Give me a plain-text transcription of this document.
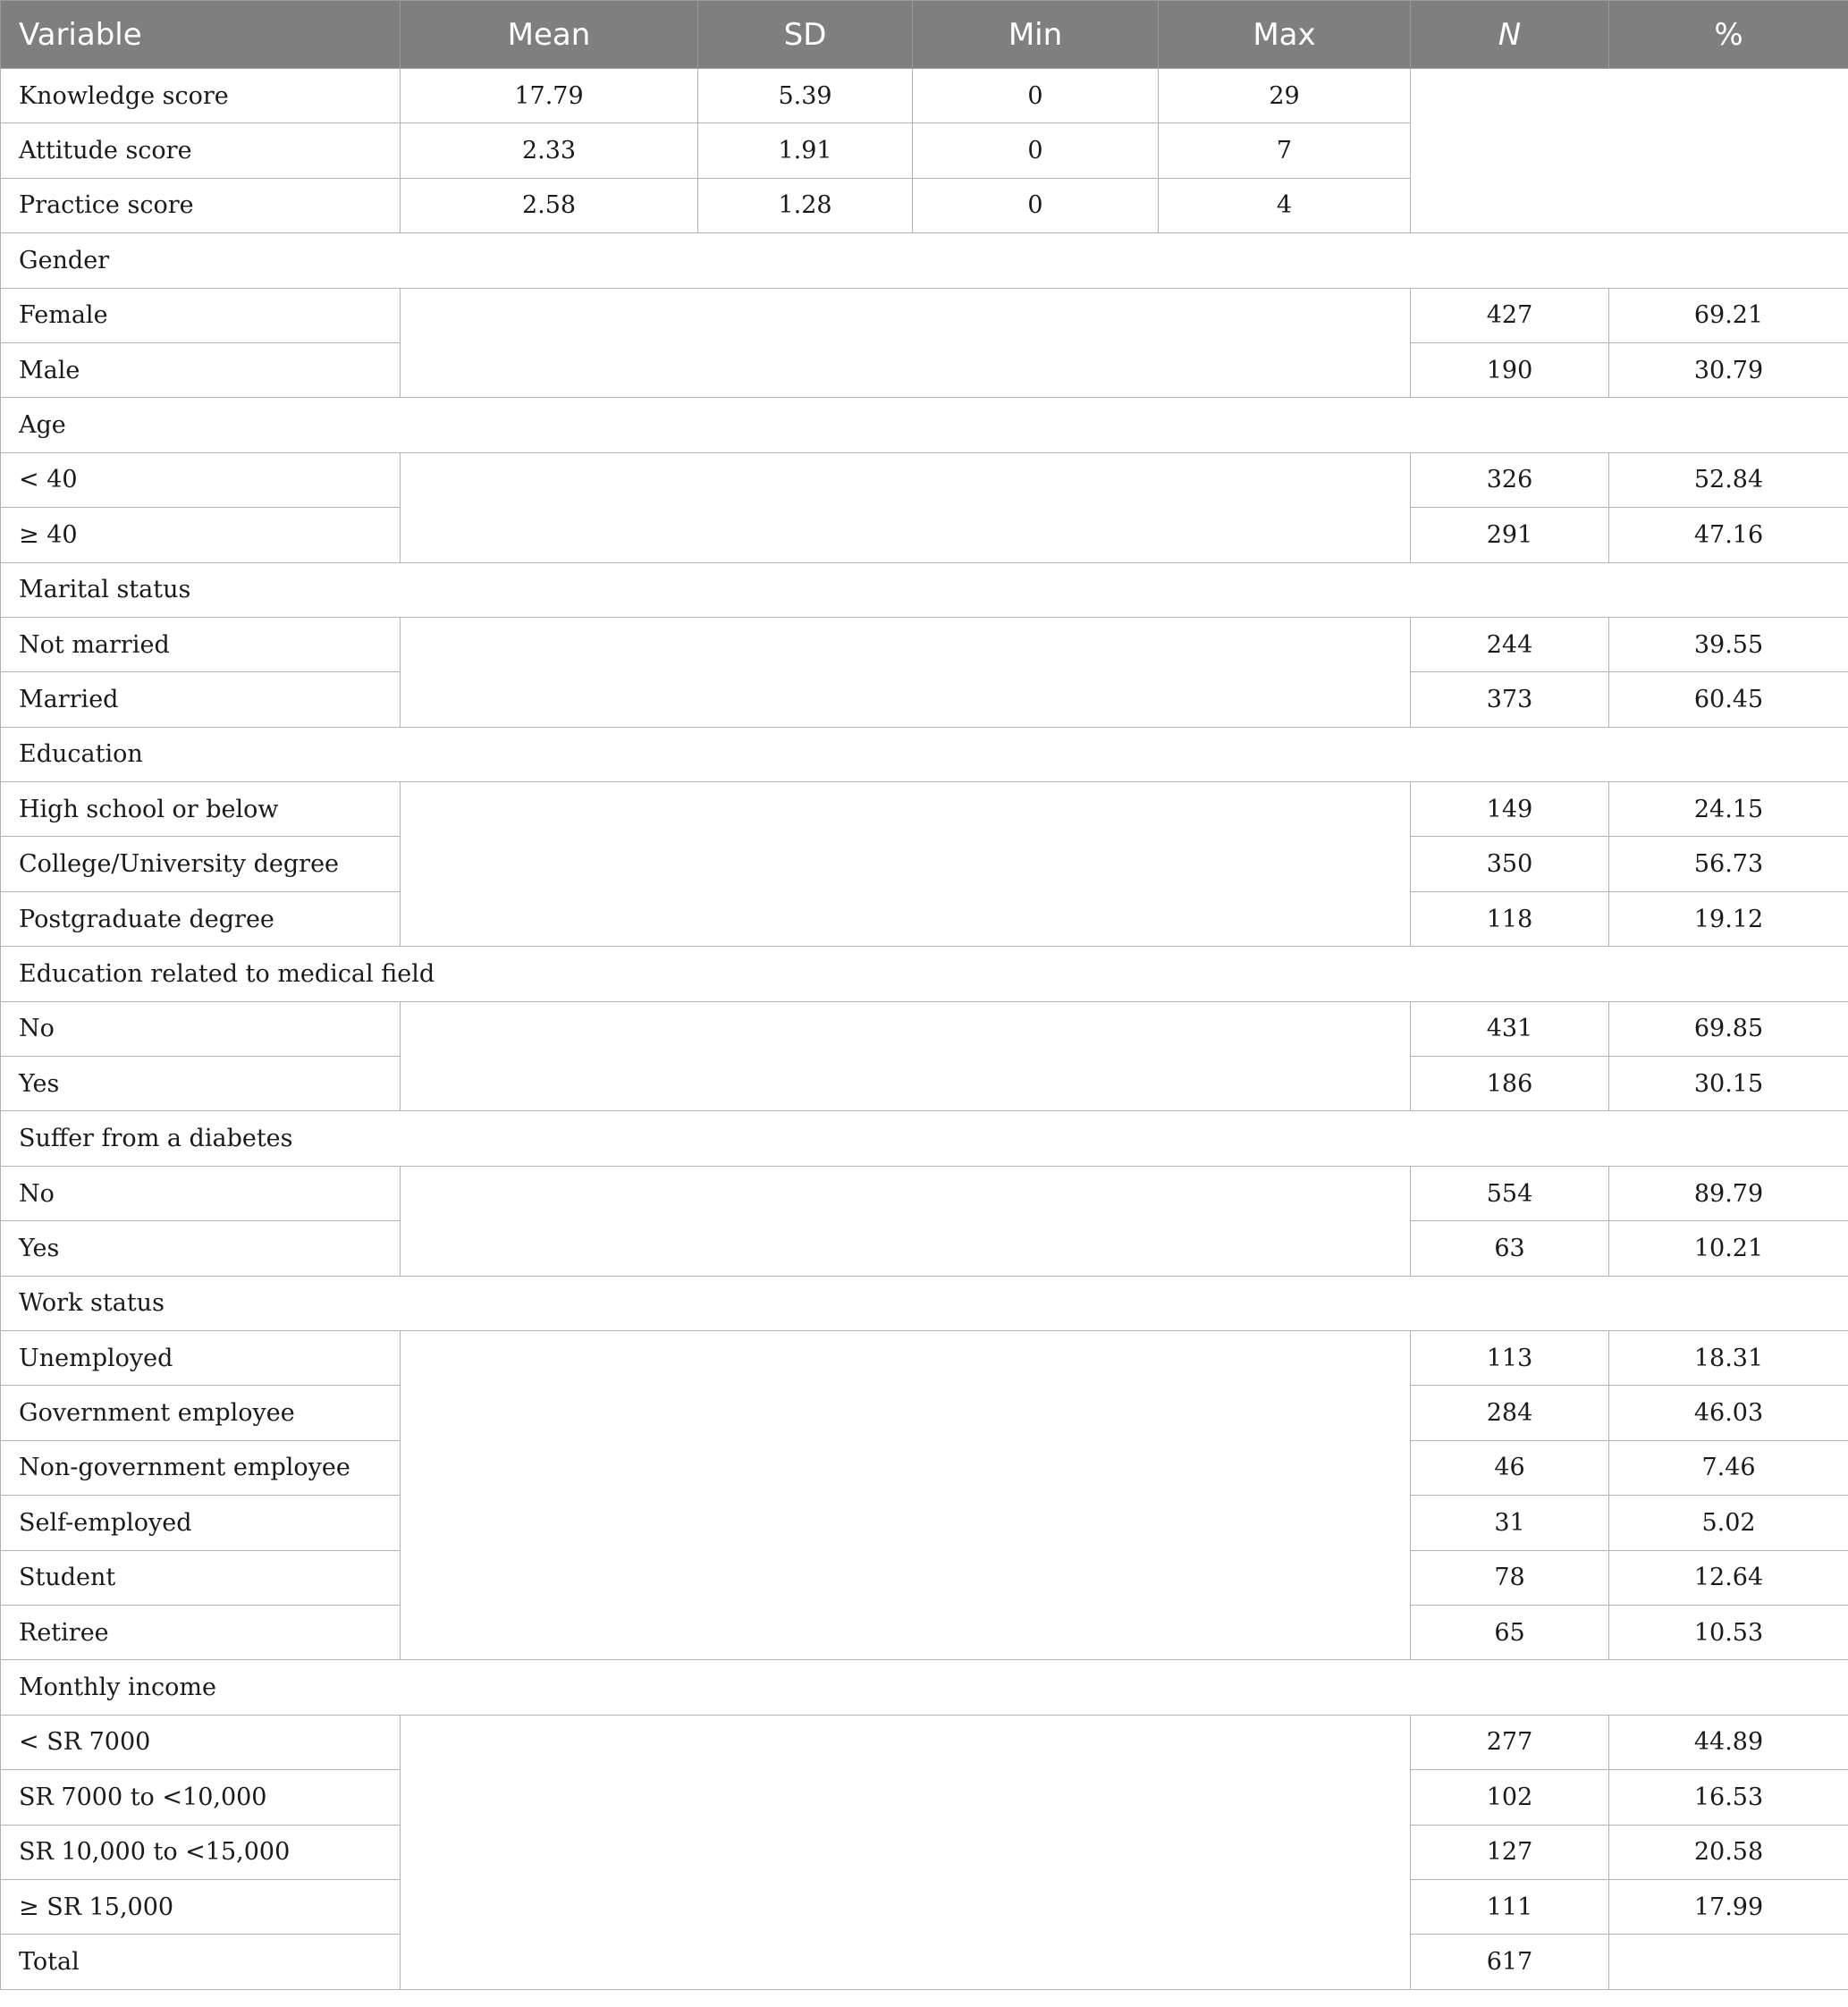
Variable	Mean	SD	Min	Max	N	%
Knowledge score	17.79	5.39	0	29		
Attitude score	2.33	1.91	0	7		
Practice score	2.58	1.28	0	4		
Gender						
Female					427	69.21
Male					190	30.79
Age						
< 40					326	52.84
≥ 40					291	47.16
Marital status						
Not married					244	39.55
Married					373	60.45
Education						
High school or below					149	24.15
College/University degree					350	56.73
Postgraduate degree					118	19.12
Education related to medical field						
No					431	69.85
Yes					186	30.15
Suffer from a diabetes						
No					554	89.79
Yes					63	10.21
Work status						
Unemployed					113	18.31
Government employee					284	46.03
Non-government employee					46	7.46
Self-employed					31	5.02
Student					78	12.64
Retiree					65	10.53
Monthly income						
< SR 7000					277	44.89
SR 7000 to <10,000					102	16.53
SR 10,000 to <15,000					127	20.58
≥ SR 15,000					111	17.99
Total					617	
